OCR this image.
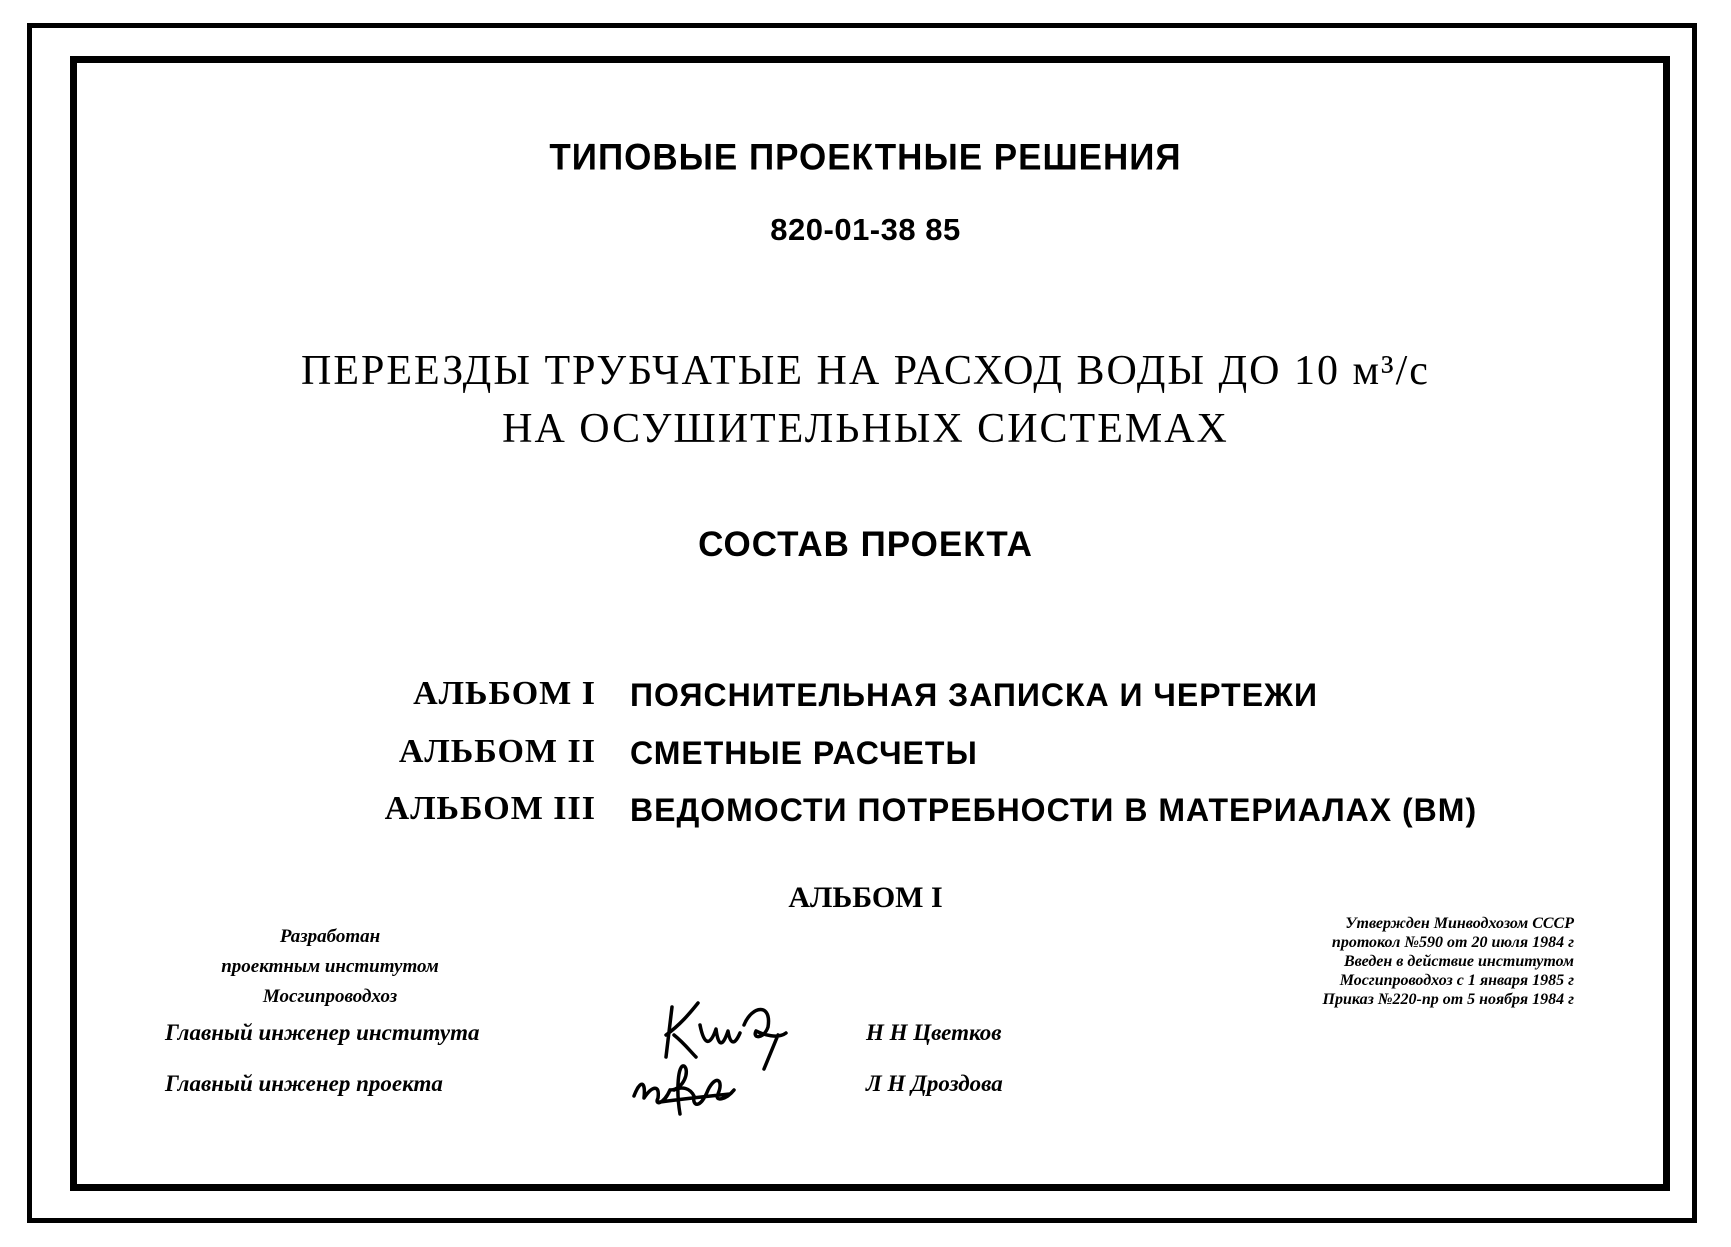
ТИПОВЫЕ ПРОЕКТНЫЕ РЕШЕНИЯ
820-01-38 85
ПЕРЕЕЗДЫ ТРУБЧАТЫЕ НА РАСХОД ВОДЫ ДО 10 м³/с
НА ОСУШИТЕЛЬНЫХ СИСТЕМАХ
СОСТАВ ПРОЕКТА
АЛЬБОМ I ПОЯСНИТЕЛЬНАЯ ЗАПИСКА И ЧЕРТЕЖИ
АЛЬБОМ II СМЕТНЫЕ РАСЧЕТЫ
АЛЬБОМ III ВЕДОМОСТИ ПОТРЕБНОСТИ В МАТЕРИАЛАХ (ВМ)
АЛЬБОМ I
Разработан
проектным институтом
Мосгипроводхоз
Утвержден Минводхозом СССР
протокол №590 от 20 июля 1984 г
Введен в действие институтом
Мосгипроводхоз с 1 января 1985 г
Приказ №220-пр от 5 ноября 1984 г
Главный инженер института	Н Н Цветков
Главный инженер проекта	Л Н Дроздова
